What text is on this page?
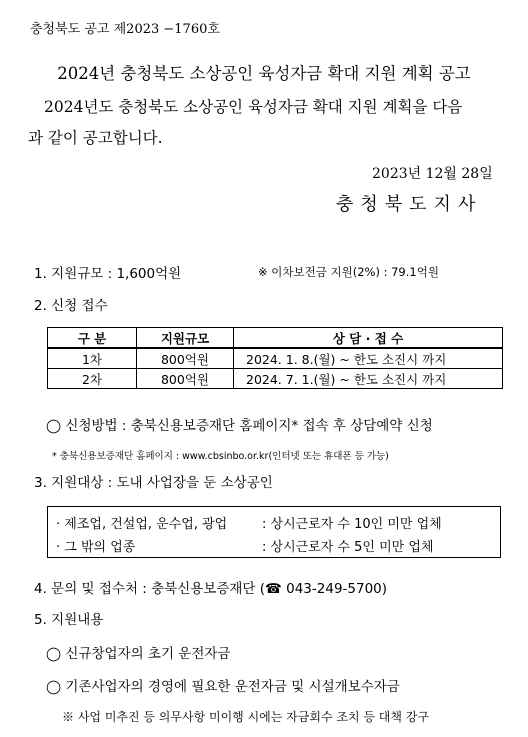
충청북도 공고 제2023 −1760호
2024년 충청북도 소상공인 육성자금 확대 지원 계획 공고
2024년도 충청북도 소상공인 육성자금 확대 지원 계획을 다음
과 같이 공고합니다.
2023년 12월 28일
충청북도지사
1. 지원규모 : 1,600억원	※ 이차보전금 지원(2%) : 79.1억원
2. 신청 접수
구 분	지원규모	상 담 · 접 수
1차	800억원	2024. 1. 8.(월) ~ 한도 소진시 까지
2차	800억원	2024. 7. 1.(월) ~ 한도 소진시 까지
◯ 신청방법 : 충북신용보증재단 홈페이지* 접속 후 상담예약 신청
* 충북신용보증재단 홈페이지 : www.cbsinbo.or.kr(인터넷 또는 휴대폰 등 가능)
3. 지원대상 : 도내 사업장을 둔 소상공인
· 제조업, 건설업, 운수업, 광업	: 상시근로자 수 10인 미만 업체
· 그 밖의 업종	: 상시근로자 수 5인 미만 업체
4. 문의 및 접수처 : 충북신용보증재단 (☎ 043-249-5700)
5. 지원내용
◯ 신규창업자의 초기 운전자금
◯ 기존사업자의 경영에 필요한 운전자금 및 시설개보수자금
※ 사업 미추진 등 의무사항 미이행 시에는 자금회수 조치 등 대책 강구
